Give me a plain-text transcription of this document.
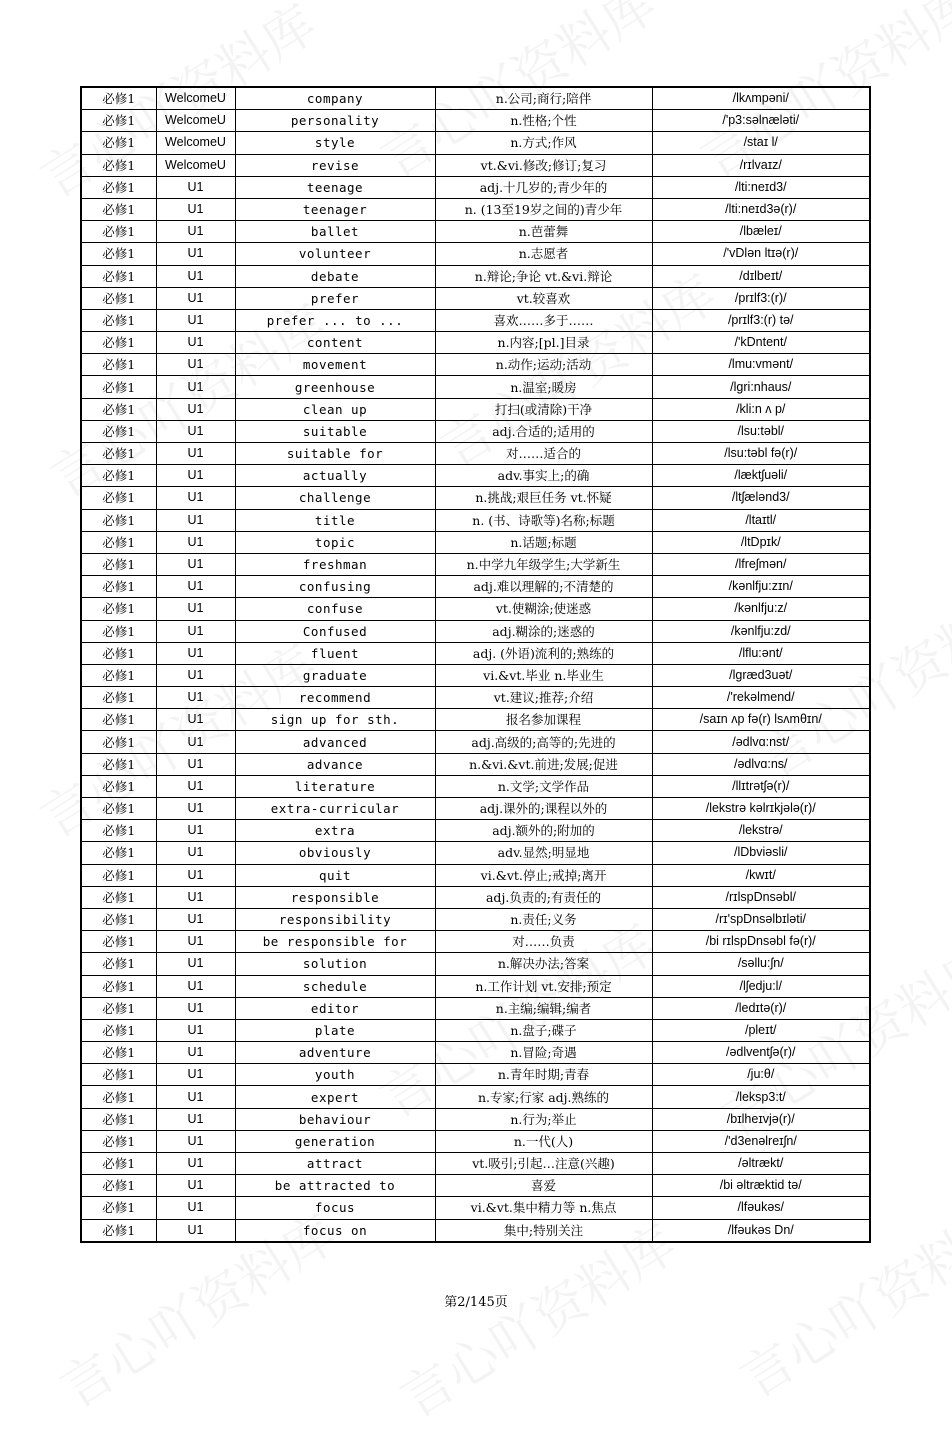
必修1	WelcomeU	company	n.公司;商行;陪伴	/lkʌmpəni/
必修1	WelcomeU	personality	n.性格;个性	/'p3:səlnæləti/
必修1	WelcomeU	style	n.方式;作风	/staɪ l/
必修1	WelcomeU	revise	vt.&vi.修改;修订;复习	/rɪlvaɪz/
必修1	U1	teenage	adj.十几岁的;青少年的	/lti:neɪd3/
必修1	U1	teenager	n. (13至19岁之间的)青少年	/lti:neɪd3ə(r)/
必修1	U1	ballet	n.芭蕾舞	/lbæleɪ/
必修1	U1	volunteer	n.志愿者	/'vDlən ltɪə(r)/
必修1	U1	debate	n.辩论;争论 vt.&vi.辩论	/dɪlbeɪt/
必修1	U1	prefer	vt.较喜欢	/prɪlf3:(r)/
必修1	U1	prefer ... to ...	喜欢……多于……	/prɪlf3:(r) tə/
必修1	U1	content	n.内容;[pl.]目录	/'kDntent/
必修1	U1	movement	n.动作;运动;活动	/lmu:vmənt/
必修1	U1	greenhouse	n.温室;暖房	/lgri:nhaus/
必修1	U1	clean up	打扫(或清除)干净	/kli:n ʌ p/
必修1	U1	suitable	adj.合适的;适用的	/lsu:təbl/
必修1	U1	suitable for	对……适合的	/lsu:təbl fə(r)/
必修1	U1	actually	adv.事实上;的确	/læktʃuəli/
必修1	U1	challenge	n.挑战;艰巨任务 vt.怀疑	/ltʃælənd3/
必修1	U1	title	n. (书、诗歌等)名称;标题	/ltaɪtl/
必修1	U1	topic	n.话题;标题	/ltDpɪk/
必修1	U1	freshman	n.中学九年级学生;大学新生	/lfreʃmən/
必修1	U1	confusing	adj.难以理解的;不清楚的	/kənlfju:zɪn/
必修1	U1	confuse	vt.使糊涂;使迷惑	/kənlfju:z/
必修1	U1	Confused	adj.糊涂的;迷惑的	/kənlfju:zd/
必修1	U1	fluent	adj. (外语)流利的;熟练的	/lflu:ənt/
必修1	U1	graduate	vi.&vt.毕业 n.毕业生	/lgræd3uət/
必修1	U1	recommend	vt.建议;推荐;介绍	/'rekəlmend/
必修1	U1	sign up for sth.	报名参加课程	/saɪn ʌp fə(r) lsʌmθɪn/
必修1	U1	advanced	adj.高级的;高等的;先进的	/ədlvɑ:nst/
必修1	U1	advance	n.&vi.&vt.前进;发展;促进	/ədlvɑ:ns/
必修1	U1	literature	n.文学;文学作品	/llɪtrətʃə(r)/
必修1	U1	extra-curricular	adj.课外的;课程以外的	/lekstrə kəlrɪkjələ(r)/
必修1	U1	extra	adj.额外的;附加的	/lekstrə/
必修1	U1	obviously	adv.显然;明显地	/lDbviəsli/
必修1	U1	quit	vi.&vt.停止;戒掉;离开	/kwɪt/
必修1	U1	responsible	adj.负责的;有责任的	/rɪlspDnsəbl/
必修1	U1	responsibility	n.责任;义务	/rɪ'spDnsəlbɪləti/
必修1	U1	be responsible for	对……负责	/bi rɪlspDnsəbl fə(r)/
必修1	U1	solution	n.解决办法;答案	/səllu:ʃn/
必修1	U1	schedule	n.工作计划 vt.安排;预定	/lʃedju:l/
必修1	U1	editor	n.主编;编辑;编者	/ledɪtə(r)/
必修1	U1	plate	n.盘子;碟子	/pleɪt/
必修1	U1	adventure	n.冒险;奇遇	/ədlventʃə(r)/
必修1	U1	youth	n.青年时期;青春	/ju:θ/
必修1	U1	expert	n.专家;行家 adj.熟练的	/leksp3:t/
必修1	U1	behaviour	n.行为;举止	/bɪlheɪvjə(r)/
必修1	U1	generation	n.一代(人)	/'d3enəlreɪʃn/
必修1	U1	attract	vt.吸引;引起…注意(兴趣)	/əltrækt/
必修1	U1	be attracted to	喜爱	/bi əltræktid tə/
必修1	U1	focus	vi.&vt.集中精力等 n.焦点	/lfəukəs/
必修1	U1	focus on	集中;特别关注	/lfəukəs Dn/
第2/145页
